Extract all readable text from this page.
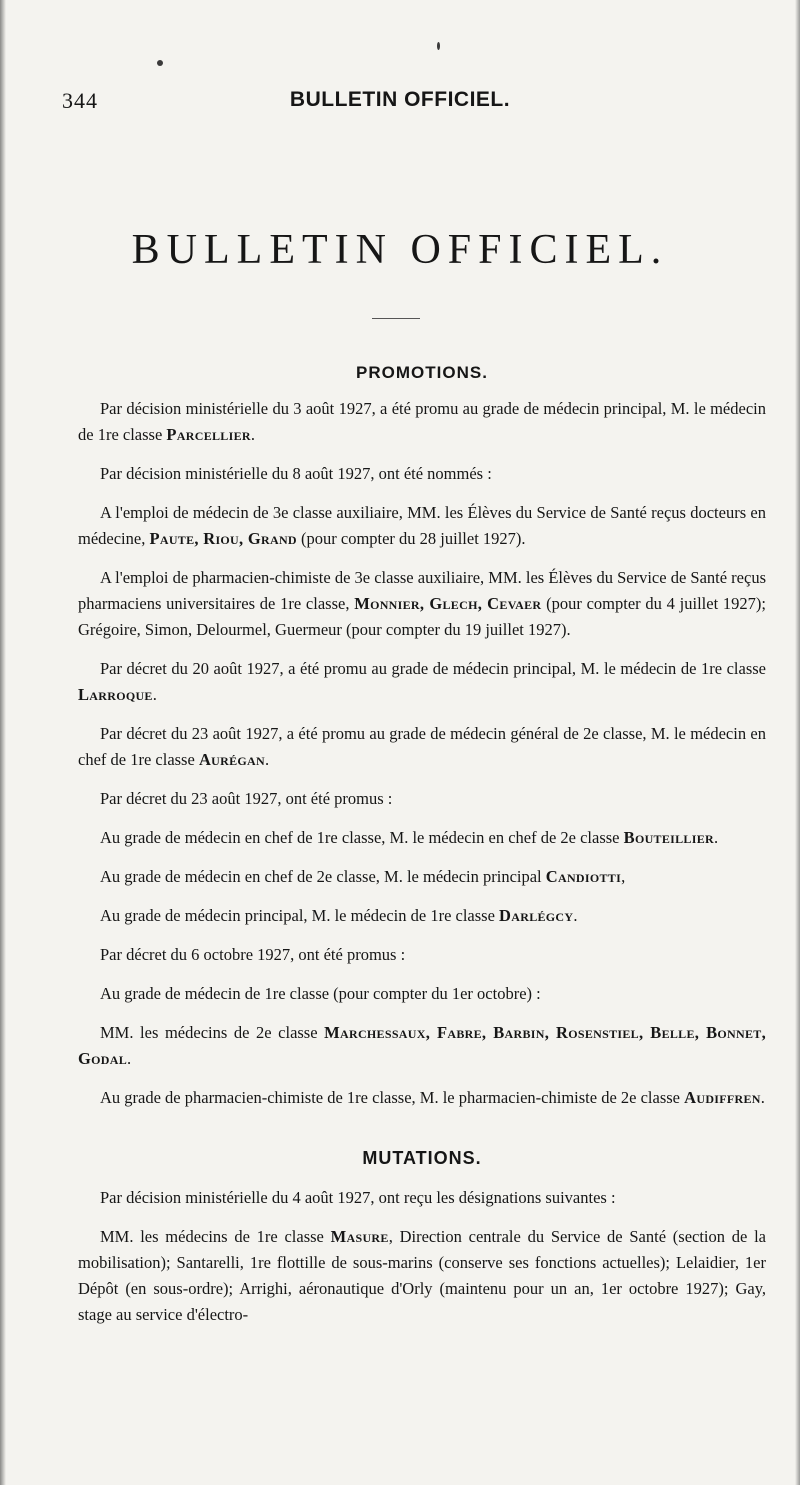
344	BULLETIN OFFICIEL.
BULLETIN OFFICIEL.
PROMOTIONS.

Par décision ministérielle du 3 août 1927, a été promu au grade de médecin principal, M. le médecin de 1re classe Parcellier.

Par décision ministérielle du 8 août 1927, ont été nommés :

A l'emploi de médecin de 3e classe auxiliaire, MM. les Élèves du Service de Santé reçus docteurs en médecine, Paute, Riou, Grand (pour compter du 28 juillet 1927).

A l'emploi de pharmacien-chimiste de 3e classe auxiliaire, MM. les Élèves du Service de Santé reçus pharmaciens universitaires de 1re classe, Monnier, Glech, Cevaer (pour compter du 4 juillet 1927); Grégoire, Simon, Delourmel, Guermeur (pour compter du 19 juillet 1927).

Par décret du 20 août 1927, a été promu au grade de médecin principal, M. le médecin de 1re classe Larroque.

Par décret du 23 août 1927, a été promu au grade de médecin général de 2e classe, M. le médecin en chef de 1re classe Aurégan.

Par décret du 23 août 1927, ont été promus :

Au grade de médecin en chef de 1re classe, M. le médecin en chef de 2e classe Bouteillier.

Au grade de médecin en chef de 2e classe, M. le médecin principal Candiotti,

Au grade de médecin principal, M. le médecin de 1re classe Darlégcy.

Par décret du 6 octobre 1927, ont été promus :

Au grade de médecin de 1re classe (pour compter du 1er octobre) :

MM. les médecins de 2e classe Marchessaux, Fabre, Barbin, Rosenstiel, Belle, Bonnet, Godal.

Au grade de pharmacien-chimiste de 1re classe, M. le pharmacien-chimiste de 2e classe Audiffren.

MUTATIONS.

Par décision ministérielle du 4 août 1927, ont reçu les désignations suivantes :

MM. les médecins de 1re classe Masure, Direction centrale du Service de Santé (section de la mobilisation); Santarelli, 1re flottille de sous-marins (conserve ses fonctions actuelles); Lelaidier, 1er Dépôt (en sous-ordre); Arrighi, aéronautique d'Orly (maintenu pour un an, 1er octobre 1927); Gay, stage au service d'électro-
